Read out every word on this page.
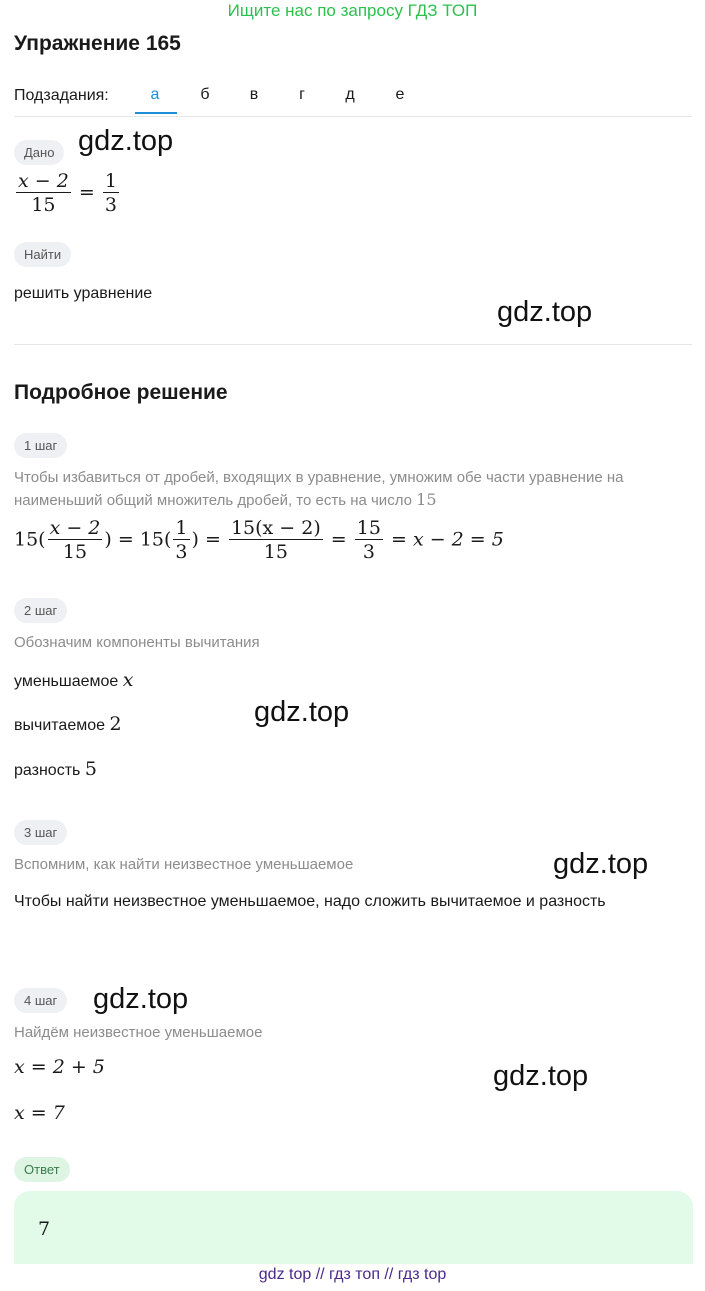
Ищите нас по запросу ГДЗ ТОП
Упражнение 165
Подзадания:	а	б	в	г	д	е
Дано gdz.top
$\frac{x - 2}{15} = \frac{1}{3}$
Найти
решить уравнение
gdz.top
Подробное решение
1 шаг
Чтобы избавиться от дробей, входящих в уравнение, умножим обе части уравнение на наименьший общий множитель дробей, то есть на число 15
$15( \frac{x - 2}{15}$ ) = $15( \frac{1}{3}$ ) = $\frac{15(x - 2)}{15} = \frac{15}{3} = x - 2 = 5$
2 шаг
Обозначим компоненты вычитания
уменьшаемое x
вычитаемое 2	gdz.top
разность 5
3 шаг
Вспомним, как найти неизвестное уменьшаемое	gdz.top
Чтобы найти неизвестное уменьшаемое, надо сложить вычитаемое и разность
4 шаг	gdz.top
Найдём неизвестное уменьшаемое
x = 2 + 5	gdz.top
x = 7
Ответ
7
gdz top // гдз топ // гдз top
